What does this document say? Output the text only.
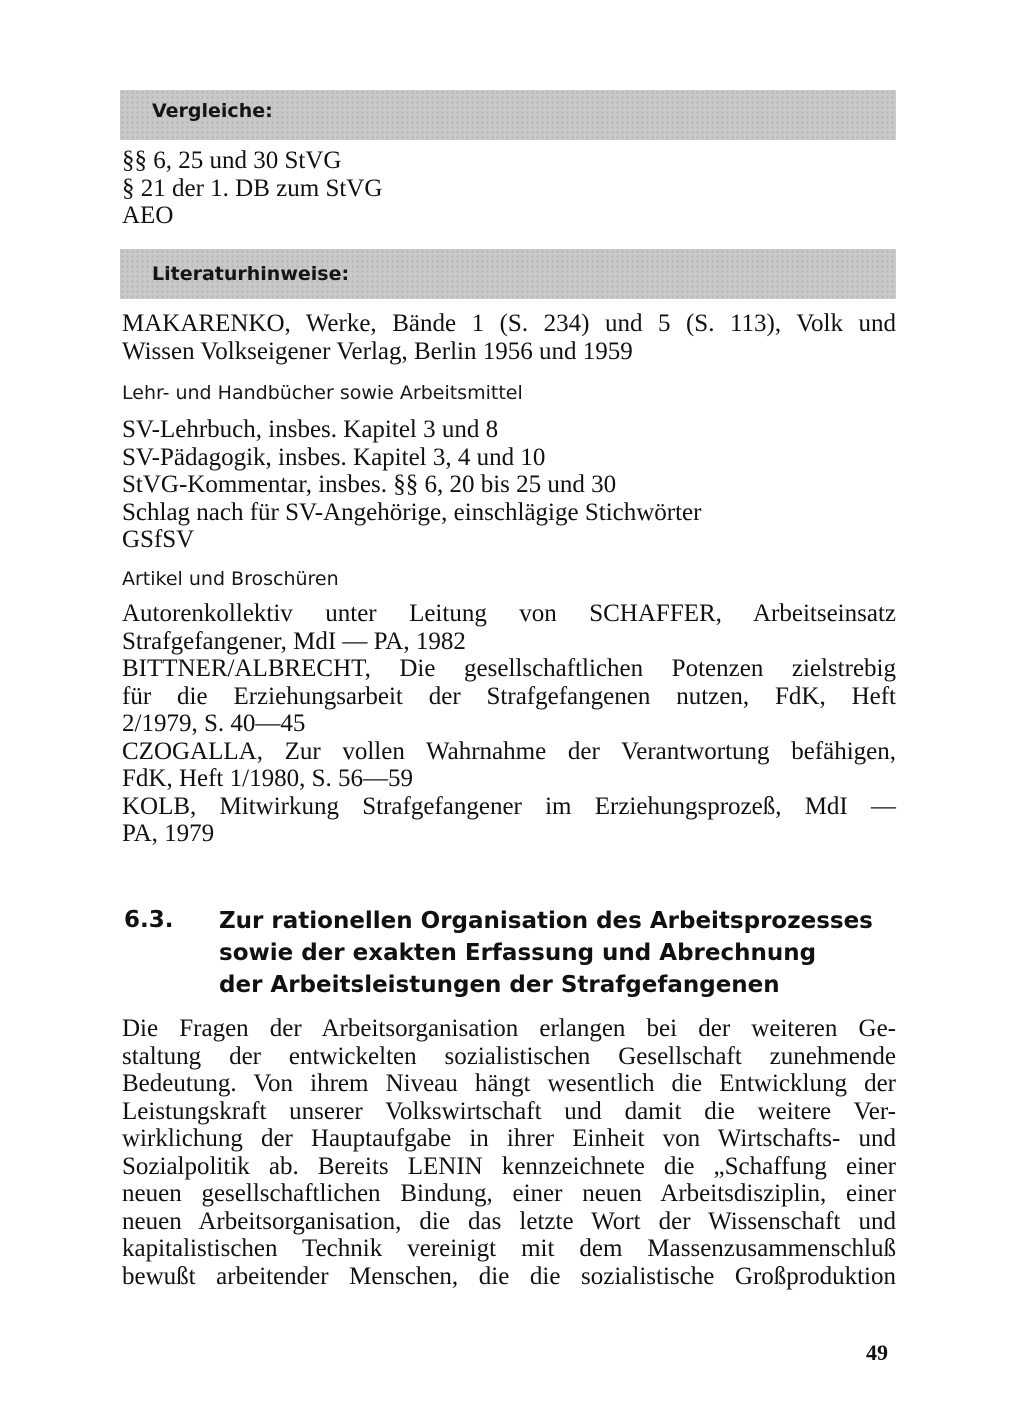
Vergleiche:
§§ 6, 25 und 30 StVG
§ 21 der 1. DB zum StVG
AEO
Literaturhinweise:
MAKARENKO, Werke, Bände 1 (S. 234) und 5 (S. 113), Volk und
Wissen Volkseigener Verlag, Berlin 1956 und 1959
Lehr- und Handbücher sowie Arbeitsmittel
SV-Lehrbuch, insbes. Kapitel 3 und 8
SV-Pädagogik, insbes. Kapitel 3, 4 und 10
StVG-Kommentar, insbes. §§ 6, 20 bis 25 und 30
Schlag nach für SV-Angehörige, einschlägige Stichwörter
GSfSV
Artikel und Broschüren
Autorenkollektiv unter Leitung von SCHAFFER, Arbeitseinsatz
Strafgefangener, MdI — PA, 1982
BITTNER/ALBRECHT, Die gesellschaftlichen Potenzen zielstrebig
für die Erziehungsarbeit der Strafgefangenen nutzen, FdK, Heft
2/1979, S. 40—45
CZOGALLA, Zur vollen Wahrnahme der Verantwortung befähigen,
FdK, Heft 1/1980, S. 56—59
KOLB, Mitwirkung Strafgefangener im Erziehungsprozeß, MdI —
PA, 1979
6.3. Zur rationellen Organisation des Arbeitsprozesses
sowie der exakten Erfassung und Abrechnung
der Arbeitsleistungen der Strafgefangenen
Die Fragen der Arbeitsorganisation erlangen bei der weiteren Ge-
staltung der entwickelten sozialistischen Gesellschaft zunehmende
Bedeutung. Von ihrem Niveau hängt wesentlich die Entwicklung der
Leistungskraft unserer Volkswirtschaft und damit die weitere Ver-
wirklichung der Hauptaufgabe in ihrer Einheit von Wirtschafts- und
Sozialpolitik ab. Bereits LENIN kennzeichnete die „Schaffung einer
neuen gesellschaftlichen Bindung, einer neuen Arbeitsdisziplin, einer
neuen Arbeitsorganisation, die das letzte Wort der Wissenschaft und
kapitalistischen Technik vereinigt mit dem Massenzusammenschluß
bewußt arbeitender Menschen, die die sozialistische Großproduktion
49
